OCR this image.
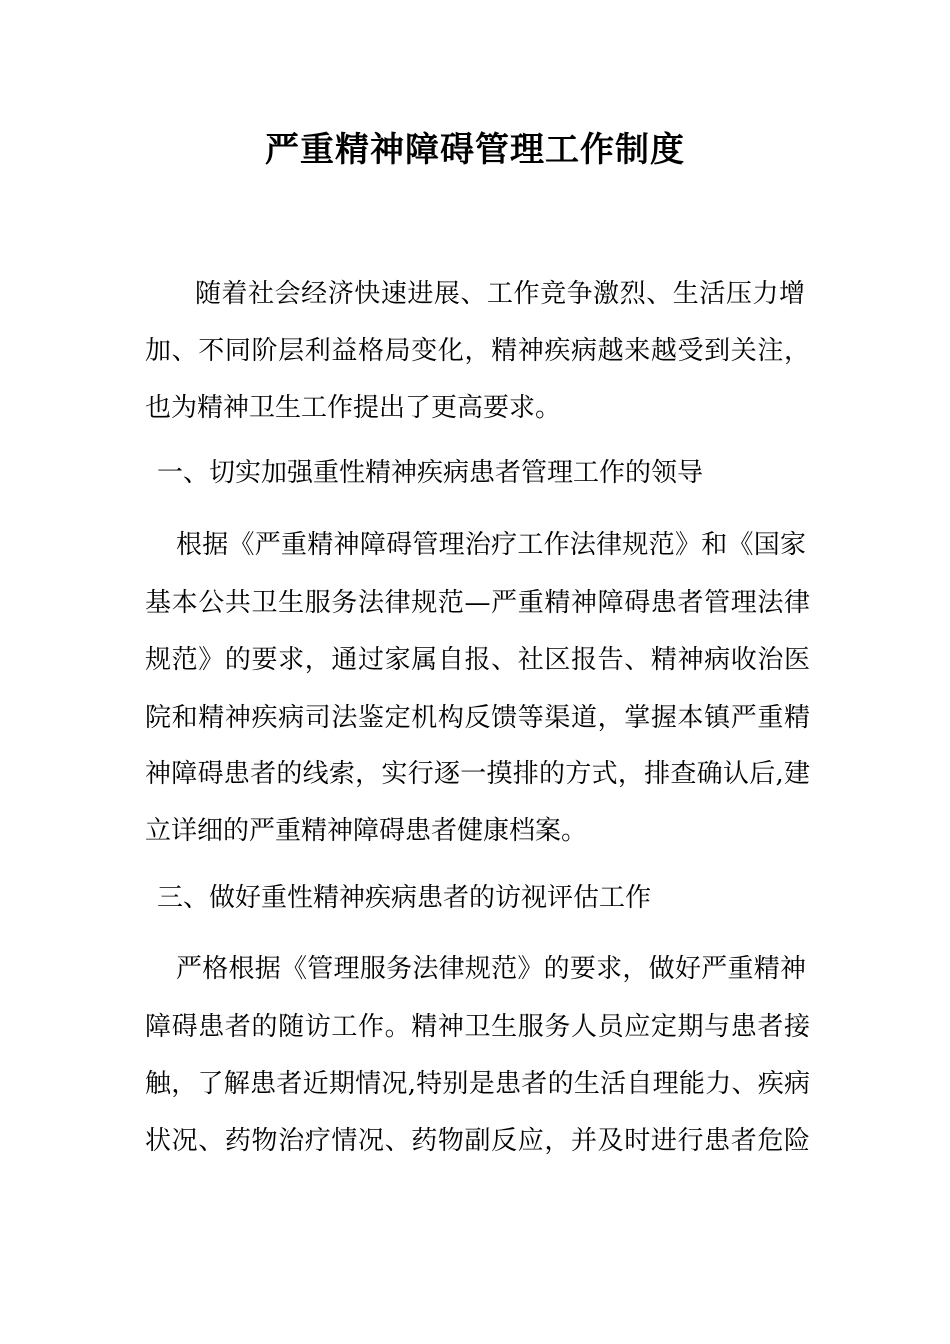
严重精神障碍管理工作制度
随着社会经济快速进展、工作竞争激烈、生活压力增
加、不同阶层利益格局变化，精神疾病越来越受到关注，
也为精神卫生工作提出了更高要求。
一、切实加强重性精神疾病患者管理工作的领导
根据《严重精神障碍管理治疗工作法律规范》和《国家
基本公共卫生服务法律规范—严重精神障碍患者管理法律
规范》的要求，通过家属自报、社区报告、精神病收治医
院和精神疾病司法鉴定机构反馈等渠道，掌握本镇严重精
神障碍患者的线索，实行逐一摸排的方式，排查确认后,建
立详细的严重精神障碍患者健康档案。
三、做好重性精神疾病患者的访视评估工作
严格根据《管理服务法律规范》的要求，做好严重精神
障碍患者的随访工作。精神卫生服务人员应定期与患者接
触，了解患者近期情况,特别是患者的生活自理能力、疾病
状况、药物治疗情况、药物副反应，并及时进行患者危险
